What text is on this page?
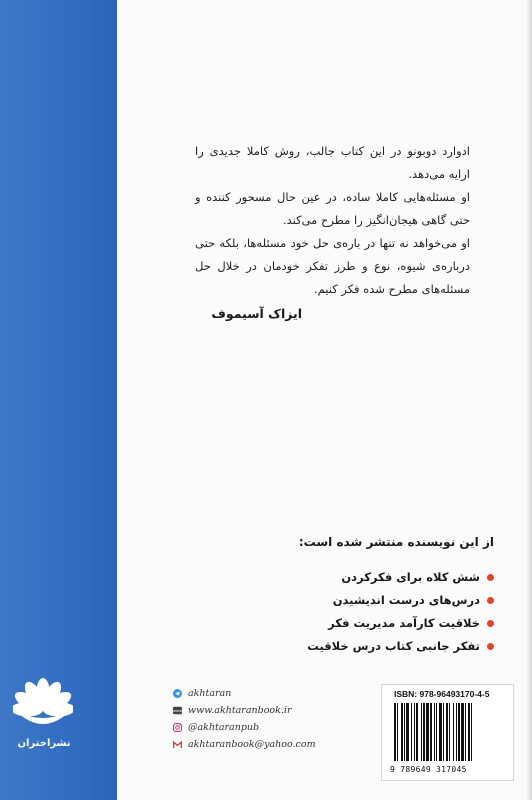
ادوارد دوبونو در این کتاب جالب، روش کاملا جدیدی را ارایه می‌دهد.

او مسئله‌هایی کاملا ساده، در عین حال مسحور کننده و حتی گاهی هیجان‌انگیز را مطرح می‌کند.

او می‌خواهد نه تنها در باره‌ی حل خود مسئله‌ها، بلکه حتی درباره‌ی شیوه، نوع و طرز تفکر خودمان در خلال حل مسئله‌های مطرح شده فکر کنیم.

ایزاک آسیموف
از این نویسنده منتشر شده است:
شش کلاه برای فکرکردن
درس‌های درست اندیشیدن
خلاقیت کارآمد مدیریت فکر
تفکر جانبی کتاب درس خلاقیت
نشراختران
akhtaran
www www.akhtaranbook.ir
@akhtaranpub
akhtaranbook@yahoo.com
ISBN: 978-96493170-4-5
9 789649 317045
